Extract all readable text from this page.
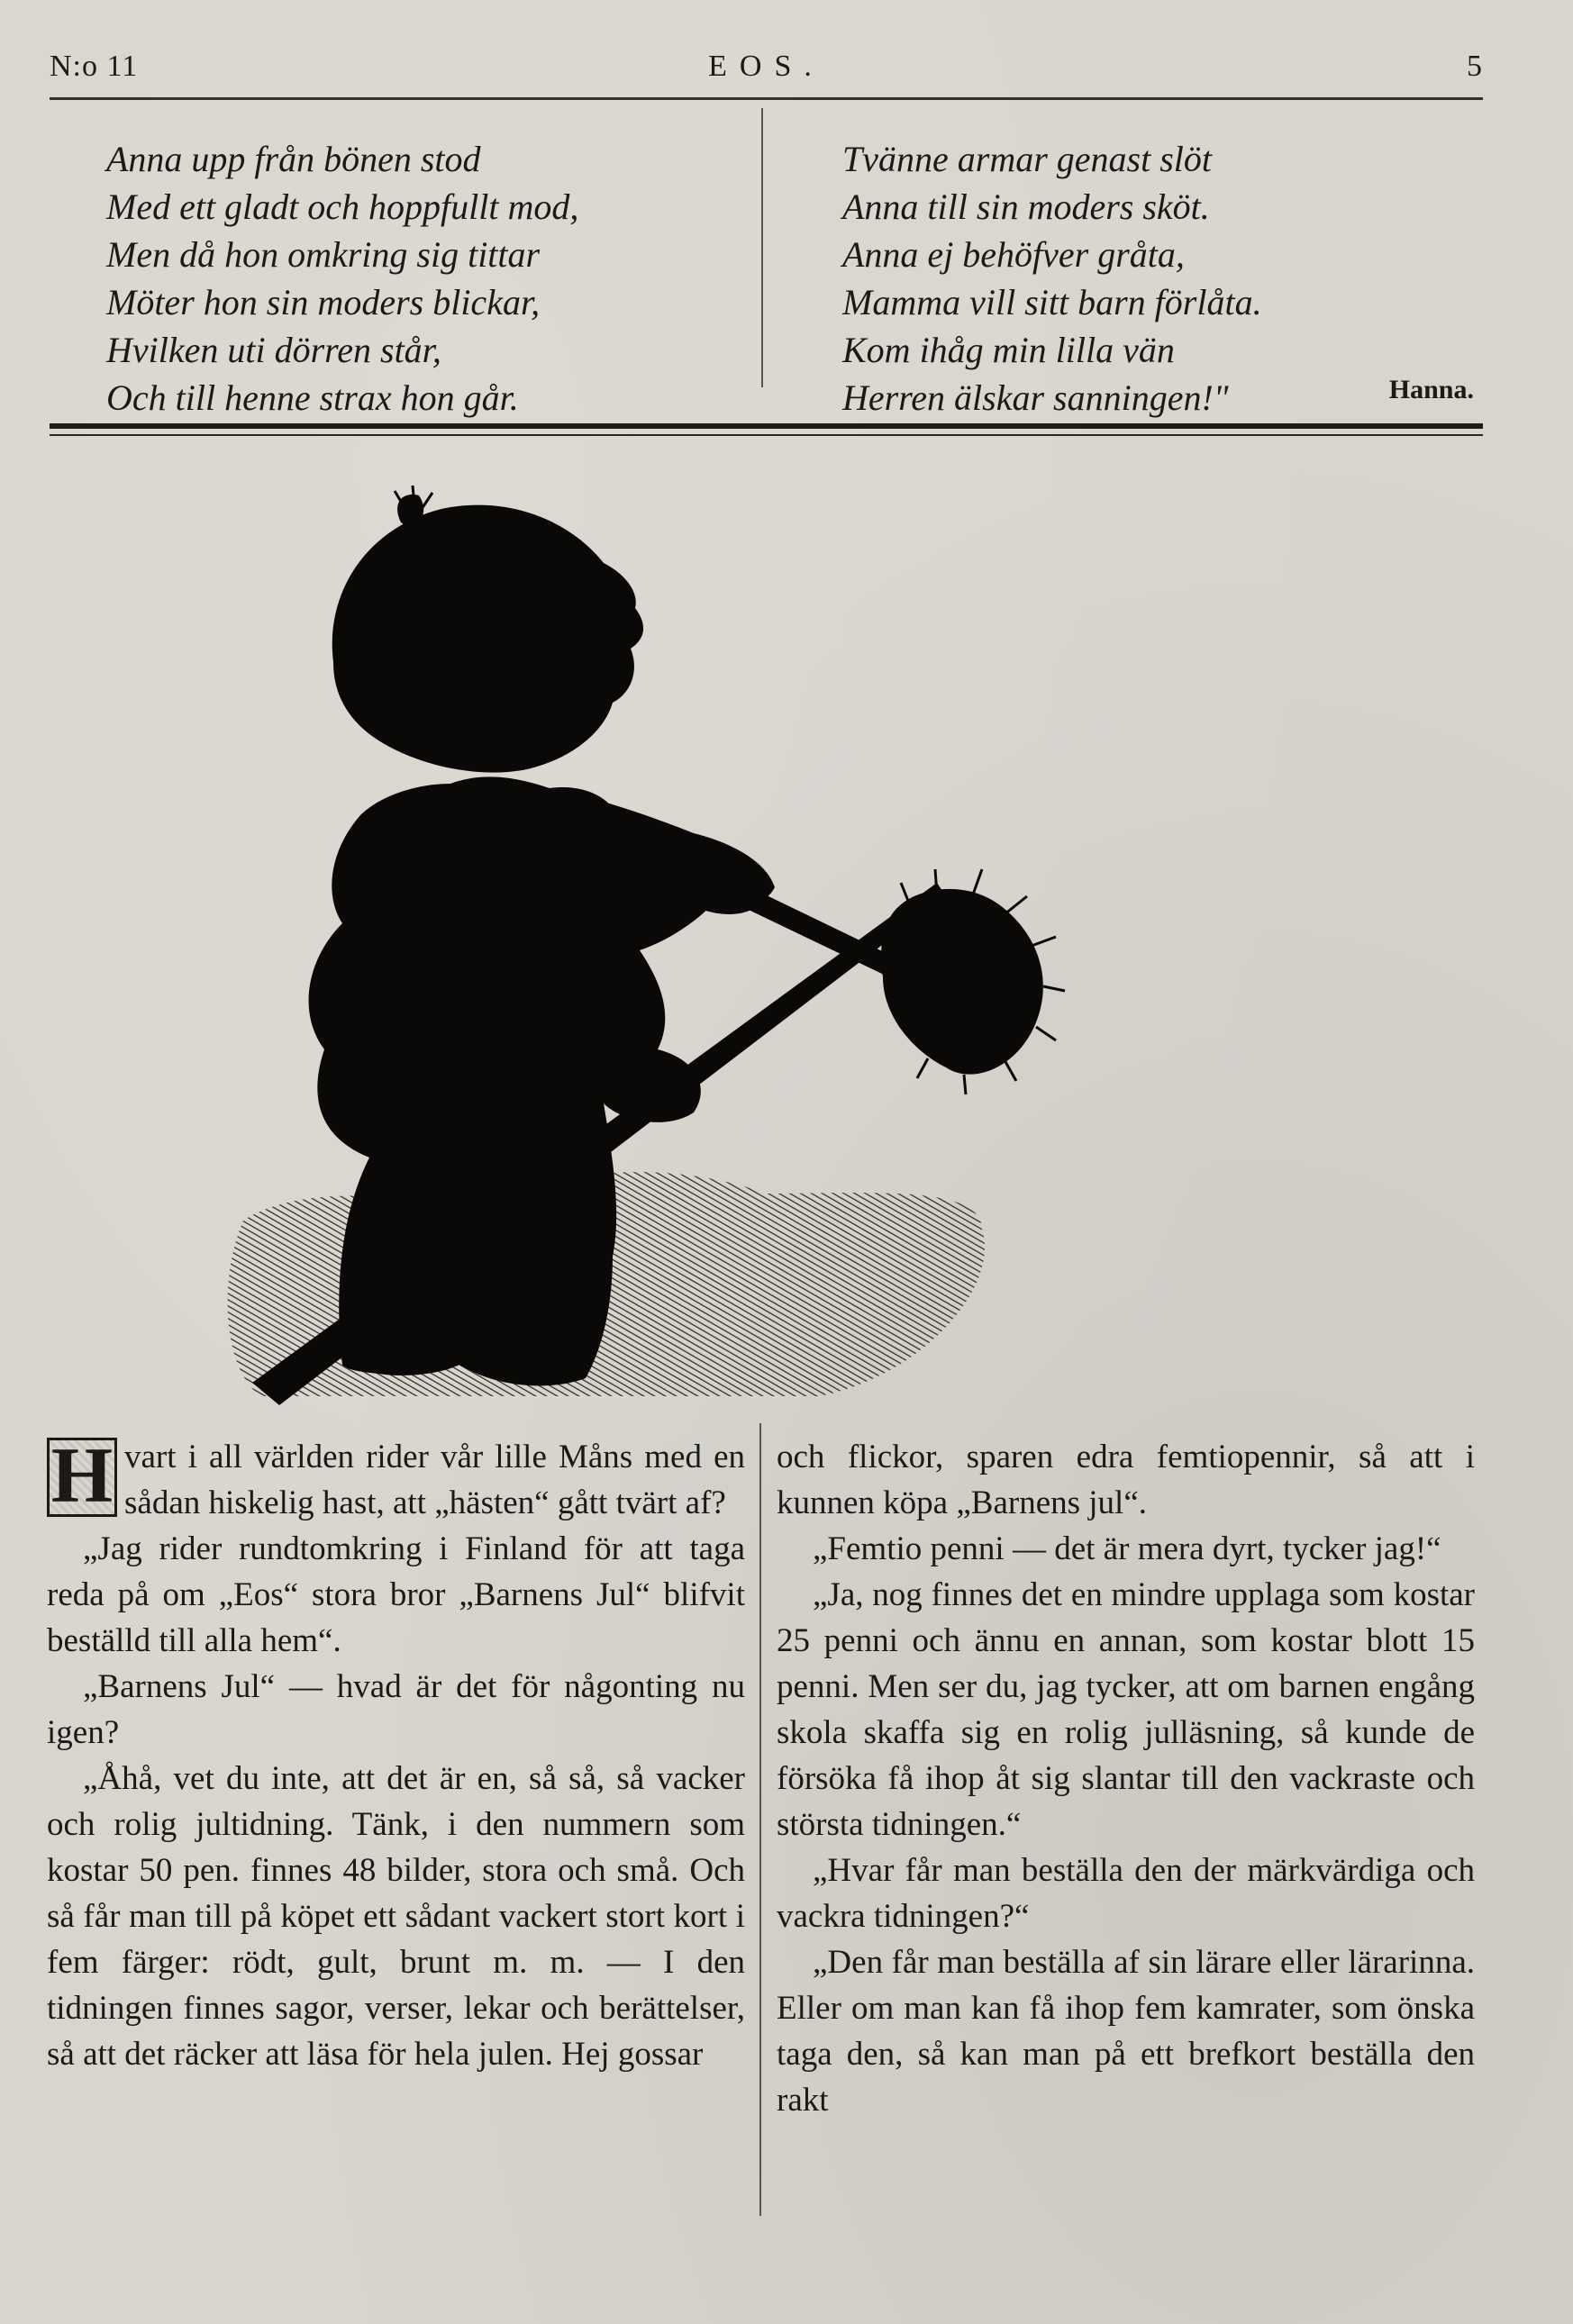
N:o 11	EOS.	5
Anna upp från bönen stod
Med ett gladt och hoppfullt mod,
Men då hon omkring sig tittar
Möter hon sin moders blickar,
Hvilken uti dörren står,
Och till henne strax hon går.
Tvänne armar genast slöt
Anna till sin moders sköt.
Anna ej behöfver gråta,
Mamma vill sitt barn förlåta.
Kom ihåg min lilla vän
Herren älskar sanningen!"	Hanna.

H vart i all världen rider vår lille Måns med en sådan hiskelig hast, att „hästen“ gått tvärt af?

„Jag rider rundtomkring i Finland för att taga reda på om „Eos“ stora bror „Barnens Jul“ blifvit beställd till alla hem“.

„Barnens Jul“ — hvad är det för någonting nu igen?

„Åhå, vet du inte, att det är en, så så, så vacker och rolig jultidning. Tänk, i den nummern som kostar 50 pen. finnes 48 bilder, stora och små. Och så får man till på köpet ett sådant vackert stort kort i fem färger: rödt, gult, brunt m. m. — I den tidningen finnes sagor, verser, lekar och berättelser, så att det räcker att läsa för hela julen. Hej gossar

och flickor, sparen edra femtiopennir, så att i kunnen köpa „Barnens jul“.

„Femtio penni — det är mera dyrt, tycker jag!“

„Ja, nog finnes det en mindre upplaga som kostar 25 penni och ännu en annan, som kostar blott 15 penni. Men ser du, jag tycker, att om barnen engång skola skaffa sig en rolig julläsning, så kunde de försöka få ihop åt sig slantar till den vackraste och största tidningen.“

„Hvar får man beställa den der märkvärdiga och vackra tidningen?“

„Den får man beställa af sin lärare eller lärarinna. Eller om man kan få ihop fem kamrater, som önska taga den, så kan man på ett brefkort beställa den rakt
